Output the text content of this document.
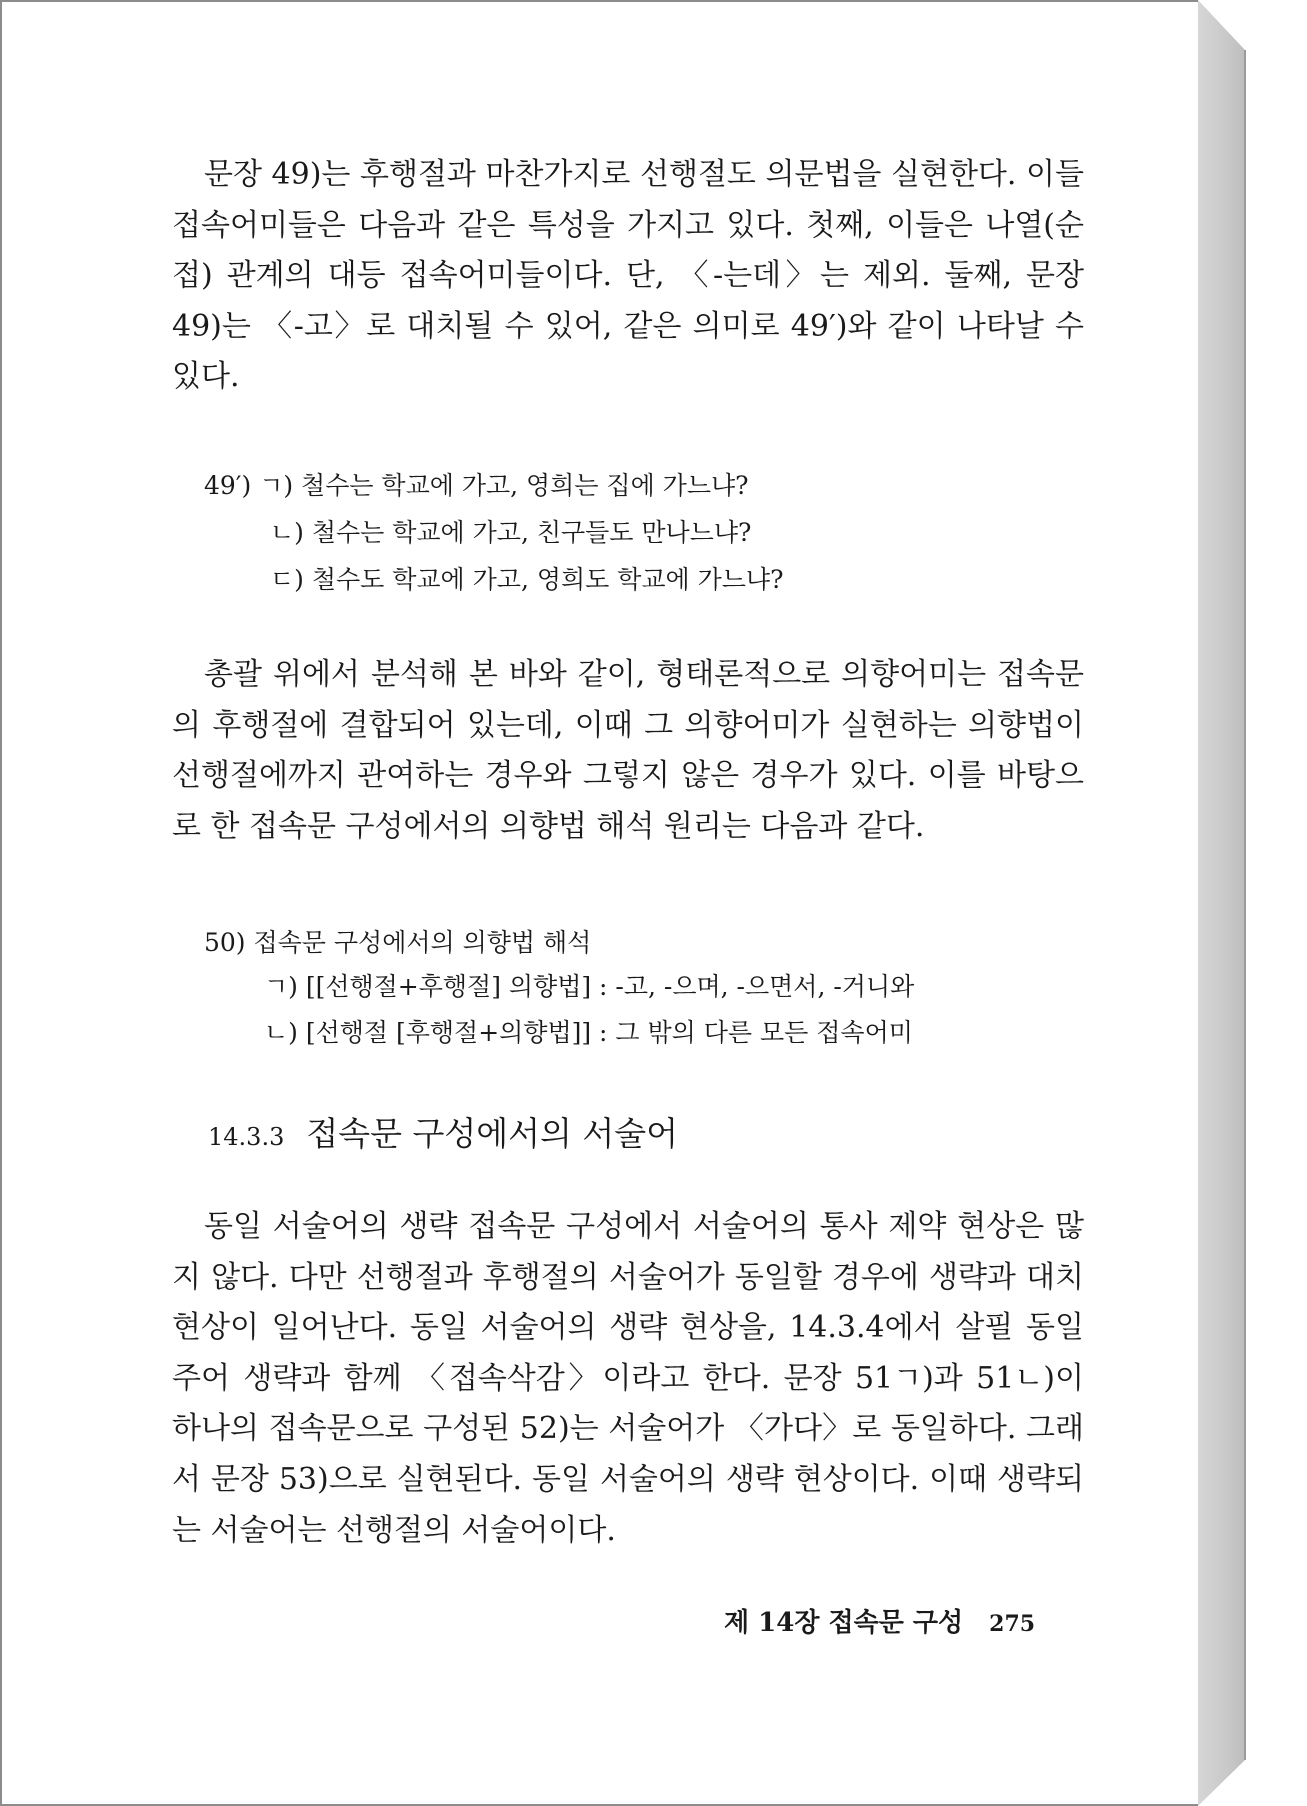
문장 49)는 후행절과 마찬가지로 선행절도 의문법을 실현한다. 이들 접속어미들은 다음과 같은 특성을 가지고 있다. 첫째, 이들은 나열(순접) 관계의 대등 접속어미들이다. 단, 〈-는데〉는 제외. 둘째, 문장 49)는 〈-고〉로 대치될 수 있어, 같은 의미로 49′)와 같이 나타날 수 있다.

49′) ㄱ) 철수는 학교에 가고, 영희는 집에 가느냐?

ㄴ) 철수는 학교에 가고, 친구들도 만나느냐?

ㄷ) 철수도 학교에 가고, 영희도 학교에 가느냐?

총괄 위에서 분석해 본 바와 같이, 형태론적으로 의향어미는 접속문의 후행절에 결합되어 있는데, 이때 그 의향어미가 실현하는 의향법이 선행절에까지 관여하는 경우와 그렇지 않은 경우가 있다. 이를 바탕으로 한 접속문 구성에서의 의향법 해석 원리는 다음과 같다.

50) 접속문 구성에서의 의향법 해석

ㄱ) [[선행절+후행절] 의향법] : -고, -으며, -으면서, -거니와

ㄴ) [선행절 [후행절+의향법]] : 그 밖의 다른 모든 접속어미

14.3.3 접속문 구성에서의 서술어

동일 서술어의 생략 접속문 구성에서 서술어의 통사 제약 현상은 많지 않다. 다만 선행절과 후행절의 서술어가 동일할 경우에 생략과 대치 현상이 일어난다. 동일 서술어의 생략 현상을, 14.3.4에서 살필 동일 주어 생략과 함께 〈접속삭감〉이라고 한다. 문장 51ㄱ)과 51ㄴ)이 하나의 접속문으로 구성된 52)는 서술어가 〈가다〉로 동일하다. 그래서 문장 53)으로 실현된다. 동일 서술어의 생략 현상이다. 이때 생략되는 서술어는 선행절의 서술어이다.

제 14장 접속문 구성 275
